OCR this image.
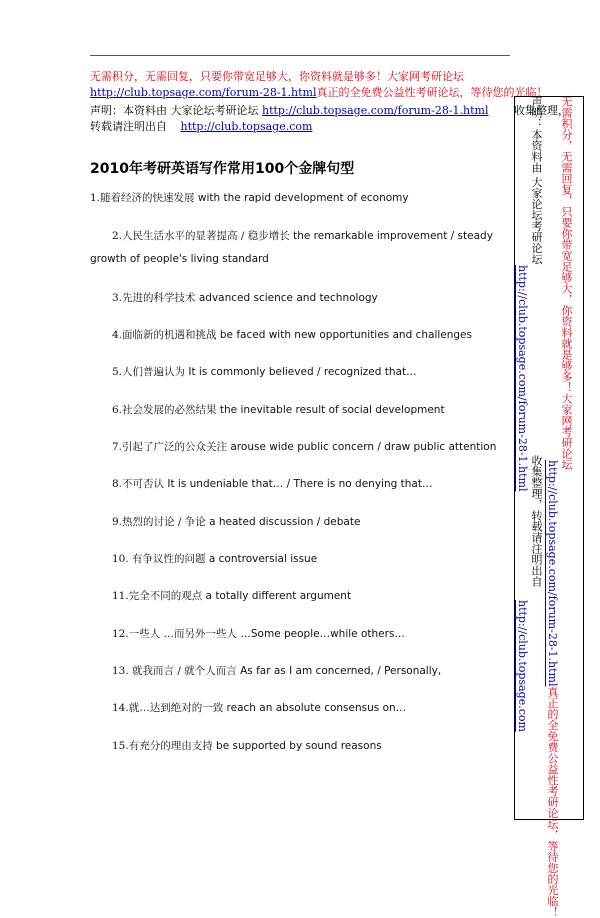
无需积分，无需回复，只要你带宽足够大，你资料就是够多！大家网考研论坛
http://club.topsage.com/forum-28-1.html真正的全免费公益性考研论坛，等待您的光临！
声明：本资料由 大家论坛考研论坛 http://club.topsage.com/forum-28-1.html 收集整理，
转载请注明出自 http://club.topsage.com
2010年考研英语写作常用100个金牌句型
1.随着经济的快速发展 with the rapid development of economy
2.人民生活水平的显著提高 / 稳步增长 the remarkable improvement / steady
growth of people's living standard
3.先进的科学技术 advanced science and technology
4.面临新的机遇和挑战 be faced with new opportunities and challenges
5.人们普遍认为 It is commonly believed / recognized that…
6.社会发展的必然结果 the inevitable result of social development
7.引起了广泛的公众关注 arouse wide public concern / draw public attention
8.不可否认 It is undeniable that… / There is no denying that…
9.热烈的讨论 / 争论 a heated discussion / debate
10. 有争议性的问题 a controversial issue
11.完全不同的观点 a totally different argument
12.一些人 …而另外一些人 …Some people…while others…
13. 就我而言 / 就个人而言 As far as I am concerned, / Personally,
14.就…达到绝对的一致 reach an absolute consensus on…
15.有充分的理由支持 be supported by sound reasons
无需积分，无需回复，只要你带宽足够大，你资料就是够多！大家网考研论坛
http://club.topsage.com/forum-28-1.html真正的全免费公益性考研论坛，等待您的光临！
声明：本资料由 大家论坛考研论坛
http://club.topsage.com/forum-28-1.html
收集整理，转载请注明出自
http://club.topsage.com
